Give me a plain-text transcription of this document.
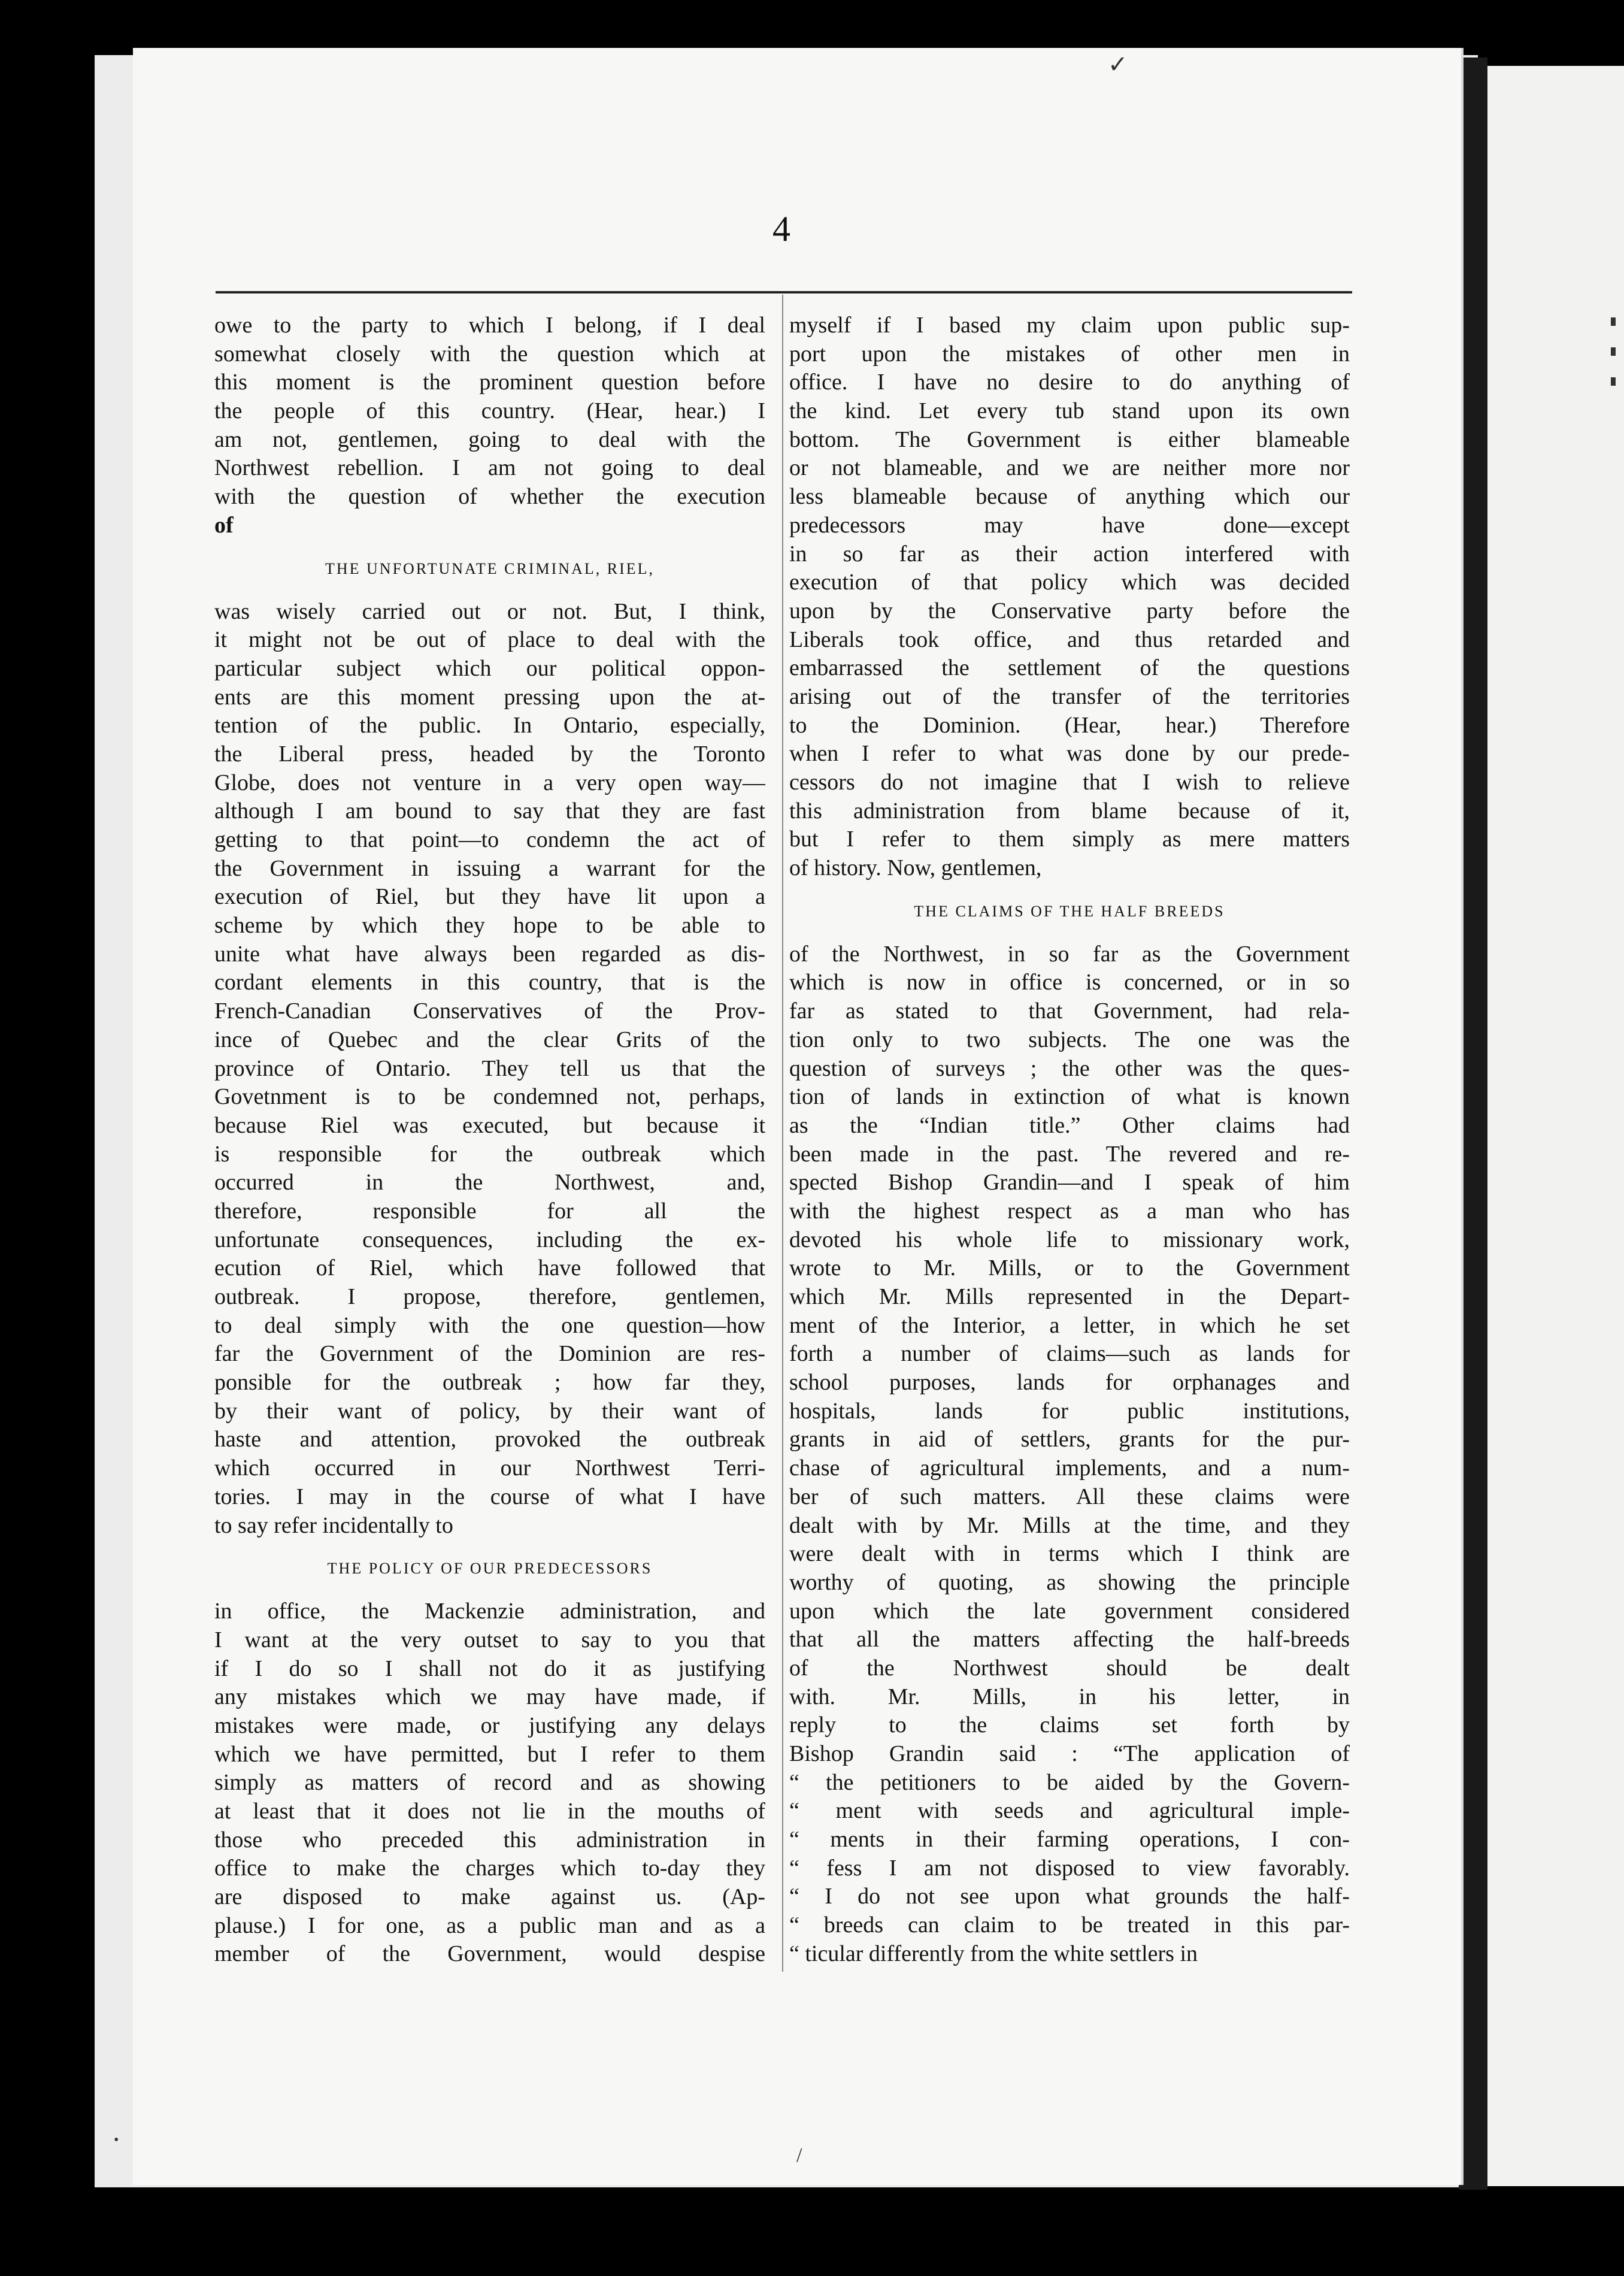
4
owe to the party to which I belong, if I deal
somewhat closely with the question which at
this moment is the prominent question before
the people of this country. (Hear, hear.) I
am not, gentlemen, going to deal with the
Northwest rebellion. I am not going to deal
with the question of whether the execution
of
THE UNFORTUNATE CRIMINAL, RIEL,
was wisely carried out or not. But, I think,
it might not be out of place to deal with the
particular subject which our political oppon-
ents are this moment pressing upon the at-
tention of the public. In Ontario, especially,
the Liberal press, headed by the Toronto
Globe, does not venture in a very open way—
although I am bound to say that they are fast
getting to that point—to condemn the act of
the Government in issuing a warrant for the
execution of Riel, but they have lit upon a
scheme by which they hope to be able to
unite what have always been regarded as dis-
cordant elements in this country, that is the
French-Canadian Conservatives of the Prov-
ince of Quebec and the clear Grits of the
province of Ontario. They tell us that the
Govetnment is to be condemned not, perhaps,
because Riel was executed, but because it
is responsible for the outbreak which
occurred in the Northwest, and,
therefore, responsible for all the
unfortunate consequences, including the ex-
ecution of Riel, which have followed that
outbreak. I propose, therefore, gentlemen,
to deal simply with the one question—how
far the Government of the Dominion are res-
ponsible for the outbreak ; how far they,
by their want of policy, by their want of
haste and attention, provoked the outbreak
which occurred in our Northwest Terri-
tories. I may in the course of what I have
to say refer incidentally to
THE POLICY OF OUR PREDECESSORS
in office, the Mackenzie administration, and
I want at the very outset to say to you that
if I do so I shall not do it as justifying
any mistakes which we may have made, if
mistakes were made, or justifying any delays
which we have permitted, but I refer to them
simply as matters of record and as showing
at least that it does not lie in the mouths of
those who preceded this administration in
office to make the charges which to-day they
are disposed to make against us. (Ap-
plause.) I for one, as a public man and as a
member of the Government, would despise
myself if I based my claim upon public sup-
port upon the mistakes of other men in
office. I have no desire to do anything of
the kind. Let every tub stand upon its own
bottom. The Government is either blameable
or not blameable, and we are neither more nor
less blameable because of anything which our
predecessors may have done—except
in so far as their action interfered with
execution of that policy which was decided
upon by the Conservative party before the
Liberals took office, and thus retarded and
embarrassed the settlement of the questions
arising out of the transfer of the territories
to the Dominion. (Hear, hear.) Therefore
when I refer to what was done by our prede-
cessors do not imagine that I wish to relieve
this administration from blame because of it,
but I refer to them simply as mere matters
of history. Now, gentlemen,
THE CLAIMS OF THE HALF BREEDS
of the Northwest, in so far as the Government
which is now in office is concerned, or in so
far as stated to that Government, had rela-
tion only to two subjects. The one was the
question of surveys ; the other was the ques-
tion of lands in extinction of what is known
as the “Indian title.” Other claims had
been made in the past. The revered and re-
spected Bishop Grandin—and I speak of him
with the highest respect as a man who has
devoted his whole life to missionary work,
wrote to Mr. Mills, or to the Government
which Mr. Mills represented in the Depart-
ment of the Interior, a letter, in which he set
forth a number of claims—such as lands for
school purposes, lands for orphanages and
hospitals, lands for public institutions,
grants in aid of settlers, grants for the pur-
chase of agricultural implements, and a num-
ber of such matters. All these claims were
dealt with by Mr. Mills at the time, and they
were dealt with in terms which I think are
worthy of quoting, as showing the principle
upon which the late government considered
that all the matters affecting the half-breeds
of the Northwest should be dealt
with. Mr. Mills, in his letter, in
reply to the claims set forth by
Bishop Grandin said : “The application of
“ the petitioners to be aided by the Govern-
“ ment with seeds and agricultural imple-
“ ments in their farming operations, I con-
“ fess I am not disposed to view favorably.
“ I do not see upon what grounds the half-
“ breeds can claim to be treated in this par-
“ ticular differently from the white settlers in
✓
/
•
